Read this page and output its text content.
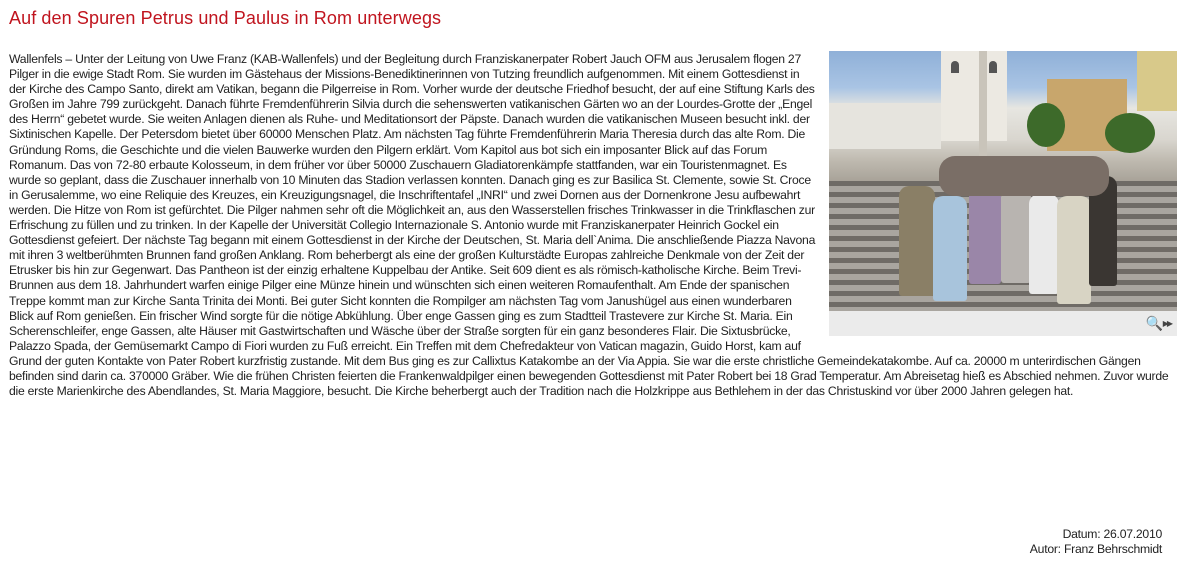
Auf den Spuren Petrus und Paulus in Rom unterwegs
🔍▶▶
Wallenfels – Unter der Leitung von Uwe Franz (KAB-Wallenfels) und der Begleitung durch Franziskanerpater Robert Jauch OFM aus Jerusalem flogen 27 Pilger in die ewige Stadt Rom. Sie wurden im Gästehaus der Missions-Benediktinerinnen von Tutzing freundlich aufgenommen. Mit einem Gottesdienst in der Kirche des Campo Santo, direkt am Vatikan, begann die Pilgerreise in Rom. Vorher wurde der deutsche Friedhof besucht, der auf eine Stiftung Karls des Großen im Jahre 799 zurückgeht. Danach führte Fremdenführerin Silvia durch die sehenswerten vatikanischen Gärten wo an der Lourdes-Grotte der „Engel des Herrn“ gebetet wurde. Sie weiten Anlagen dienen als Ruhe- und Meditationsort der Päpste. Danach wurden die vatikanischen Museen besucht inkl. der Sixtinischen Kapelle. Der Petersdom bietet über 60000 Menschen Platz. Am nächsten Tag führte Fremdenführerin Maria Theresia durch das alte Rom. Die Gründung Roms, die Geschichte und die vielen Bauwerke wurden den Pilgern erklärt. Vom Kapitol aus bot sich ein imposanter Blick auf das Forum Romanum. Das von 72-80 erbaute Kolosseum, in dem früher vor über 50000 Zuschauern Gladiatorenkämpfe stattfanden, war ein Touristenmagnet. Es wurde so geplant, dass die Zuschauer innerhalb von 10 Minuten das Stadion verlassen konnten. Danach ging es zur Basilica St. Clemente, sowie St. Croce in Gerusalemme, wo eine Reliquie des Kreuzes, ein Kreuzigungsnagel, die Inschriftentafel „INRI“ und zwei Dornen aus der Dornenkrone Jesu aufbewahrt werden. Die Hitze von Rom ist gefürchtet. Die Pilger nahmen sehr oft die Möglichkeit an, aus den Wasserstellen frisches Trinkwasser in die Trinkflaschen zur Erfrischung zu füllen und zu trinken. In der Kapelle der Universität Collegio Internazionale S. Antonio wurde mit Franziskanerpater Heinrich Gockel ein Gottesdienst gefeiert. Der nächste Tag begann mit einem Gottesdienst in der Kirche der Deutschen, St. Maria dell`Anima. Die anschließende Piazza Navona mit ihren 3 weltberühmten Brunnen fand großen Anklang. Rom beherbergt als eine der großen Kulturstädte Europas zahlreiche Denkmale von der Zeit der Etrusker bis hin zur Gegenwart. Das Pantheon ist der einzig erhaltene Kuppelbau der Antike. Seit 609 dient es als römisch-katholische Kirche. Beim Trevi-Brunnen aus dem 18. Jahrhundert warfen einige Pilger eine Münze hinein und wünschten sich einen weiteren Romaufenthalt. Am Ende der spanischen Treppe kommt man zur Kirche Santa Trinita dei Monti. Bei guter Sicht konnten die Rompilger am nächsten Tag vom Janushügel aus einen wunderbaren Blick auf Rom genießen. Ein frischer Wind sorgte für die nötige Abkühlung. Über enge Gassen ging es zum Stadtteil Trastevere zur Kirche St. Maria. Ein Scherenschleifer, enge Gassen, alte Häuser mit Gastwirtschaften und Wäsche über der Straße sorgten für ein ganz besonderes Flair. Die Sixtusbrücke, Palazzo Spada, der Gemüsemarkt Campo di Fiori wurden zu Fuß erreicht. Ein Treffen mit dem Chefredakteur von Vatican magazin, Guido Horst, kam auf Grund der guten Kontakte von Pater Robert kurzfristig zustande. Mit dem Bus ging es zur Callixtus Katakombe an der Via Appia. Sie war die erste christliche Gemeindekatakombe. Auf ca. 20000 m unterirdischen Gängen befinden sind darin ca. 370000 Gräber. Wie die frühen Christen feierten die Frankenwaldpilger einen bewegenden Gottesdienst mit Pater Robert bei 18 Grad Temperatur. Am Abreisetag hieß es Abschied nehmen. Zuvor wurde die erste Marienkirche des Abendlandes, St. Maria Maggiore, besucht. Die Kirche beherbergt auch der Tradition nach die Holzkrippe aus Bethlehem in der das Christuskind vor über 2000 Jahren gelegen hat.
Datum: 26.07.2010
Autor: Franz Behrschmidt
